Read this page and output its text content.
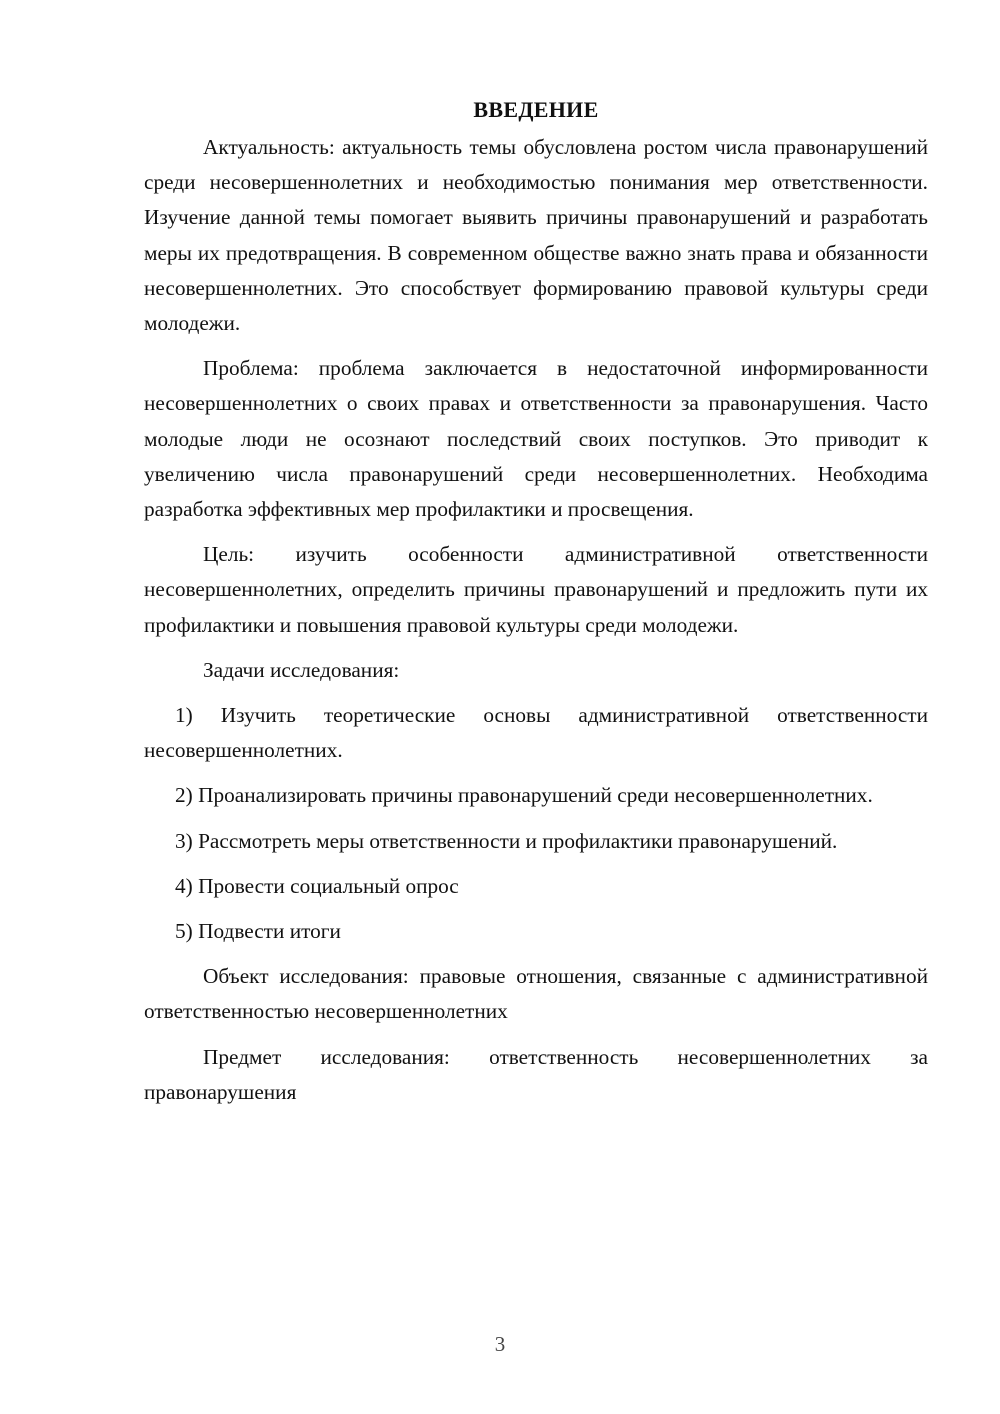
ВВЕДЕНИЕ

Актуальность: актуальность темы обусловлена ростом числа правонарушений среди несовершеннолетних и необходимостью понимания мер ответственности. Изучение данной темы помогает выявить причины правонарушений и разработать меры их предотвращения. В современном обществе важно знать права и обязанности несовершеннолетних. Это способствует формированию правовой культуры среди молодежи.

Проблема: проблема заключается в недостаточной информированности несовершеннолетних о своих правах и ответственности за правонарушения. Часто молодые люди не осознают последствий своих поступков. Это приводит к увеличению числа правонарушений среди несовершеннолетних. Необходима разработка эффективных мер профилактики и просвещения.

Цель: изучить особенности административной ответственности несовершеннолетних, определить причины правонарушений и предложить пути их профилактики и повышения правовой культуры среди молодежи.

Задачи исследования:

1) Изучить теоретические основы административной ответственности несовершеннолетних.

2) Проанализировать причины правонарушений среди несовершеннолетних.

3) Рассмотреть меры ответственности и профилактики правонарушений.

4) Провести социальный опрос

5) Подвести итоги

Объект исследования: правовые отношения, связанные с административной ответственностью несовершеннолетних

Предмет исследования: ответственность несовершеннолетних за правонарушения

3
